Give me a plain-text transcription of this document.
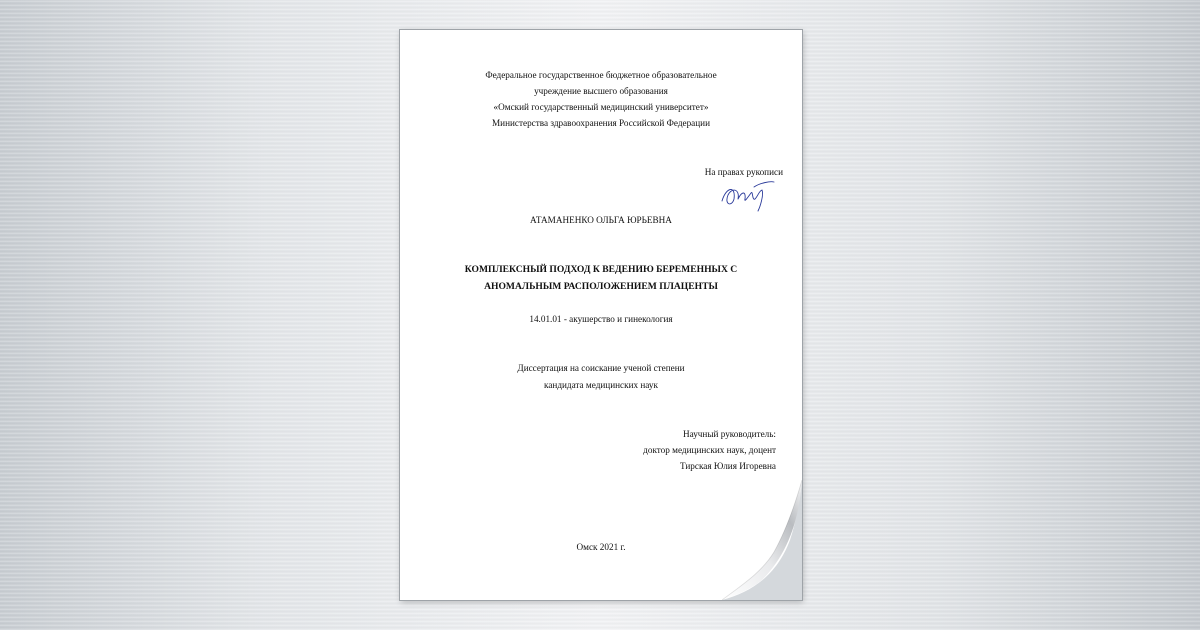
Федеральное государственное бюджетное образовательное
учреждение высшего образования
«Омский государственный медицинский университет»
Министерства здравоохранения Российской Федерации
На правах рукописи
АТАМАНЕНКО ОЛЬГА ЮРЬЕВНА
КОМПЛЕКСНЫЙ ПОДХОД К ВЕДЕНИЮ БЕРЕМЕННЫХ С
АНОМАЛЬНЫМ РАСПОЛОЖЕНИЕМ ПЛАЦЕНТЫ
14.01.01 - акушерство и гинекология
Диссертация на соискание ученой степени
кандидата медицинских наук
Научный руководитель:
доктор медицинских наук, доцент
Тирская Юлия Игоревна
Омск 2021 г.
